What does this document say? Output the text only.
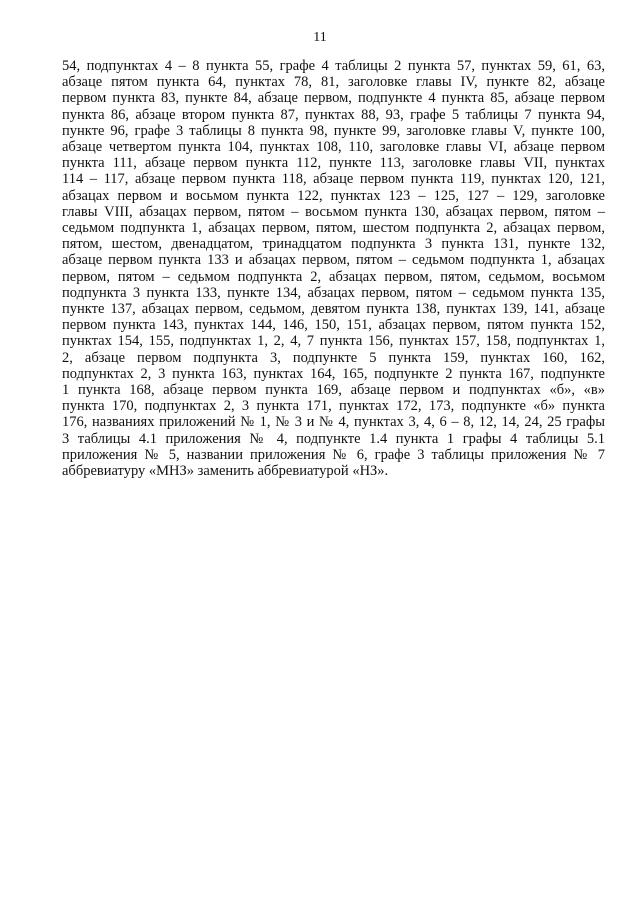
11
54, подпунктах 4 – 8 пункта 55, графе 4 таблицы 2 пункта 57, пунктах 59, 61, 63,
абзаце пятом пункта 64, пунктах 78, 81, заголовке главы IV, пункте 82, абзаце
первом пункта 83, пункте 84, абзаце первом, подпункте 4 пункта 85, абзаце первом
пункта 86, абзаце втором пункта 87, пунктах 88, 93, графе 5 таблицы 7 пункта 94,
пункте 96, графе 3 таблицы 8 пункта 98, пункте 99, заголовке главы V, пункте 100,
абзаце четвертом пункта 104, пунктах 108, 110, заголовке главы VI, абзаце первом
пункта 111, абзаце первом пункта 112, пункте 113, заголовке главы VII, пунктах
114 – 117, абзаце первом пункта 118, абзаце первом пункта 119, пунктах 120, 121,
абзацах первом и восьмом пункта 122, пунктах 123 – 125, 127 – 129, заголовке
главы VIII, абзацах первом, пятом – восьмом пункта 130, абзацах первом, пятом –
седьмом подпункта 1, абзацах первом, пятом, шестом подпункта 2, абзацах первом,
пятом, шестом, двенадцатом, тринадцатом подпункта 3 пункта 131, пункте 132,
абзаце первом пункта 133 и абзацах первом, пятом – седьмом подпункта 1, абзацах
первом, пятом – седьмом подпункта 2, абзацах первом, пятом, седьмом, восьмом
подпункта 3 пункта 133, пункте 134, абзацах первом, пятом – седьмом пункта 135,
пункте 137, абзацах первом, седьмом, девятом пункта 138, пунктах 139, 141, абзаце
первом пункта 143, пунктах 144, 146, 150, 151, абзацах первом, пятом пункта 152,
пунктах 154, 155, подпунктах 1, 2, 4, 7 пункта 156, пунктах 157, 158, подпунктах 1,
2, абзаце первом подпункта 3, подпункте 5 пункта 159, пунктах 160, 162,
подпунктах 2, 3 пункта 163, пунктах 164, 165, подпункте 2 пункта 167, подпункте
1 пункта 168, абзаце первом пункта 169, абзаце первом и подпунктах «б», «в»
пункта 170, подпунктах 2, 3 пункта 171, пунктах 172, 173, подпункте «б» пункта
176, названиях приложений № 1, № 3 и № 4, пунктах 3, 4, 6 – 8, 12, 14, 24, 25 графы
3 таблицы 4.1 приложения № 4, подпункте 1.4 пункта 1 графы 4 таблицы 5.1
приложения № 5, названии приложения № 6, графе 3 таблицы приложения № 7
аббревиатуру «МНЗ» заменить аббревиатурой «НЗ».
